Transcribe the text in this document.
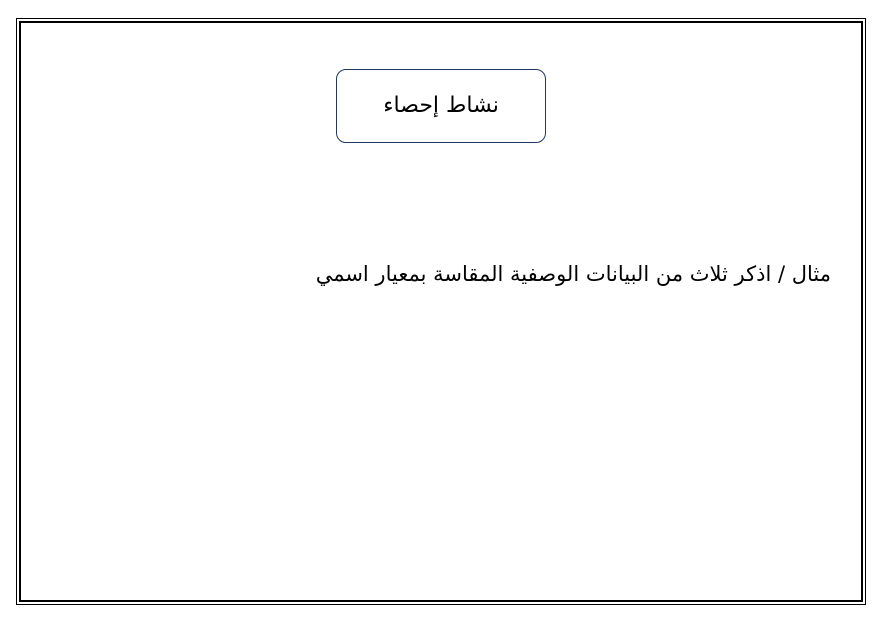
نشاط إحصاء
مثال / اذكر ثلاث من البيانات الوصفية المقاسة بمعيار اسمي
